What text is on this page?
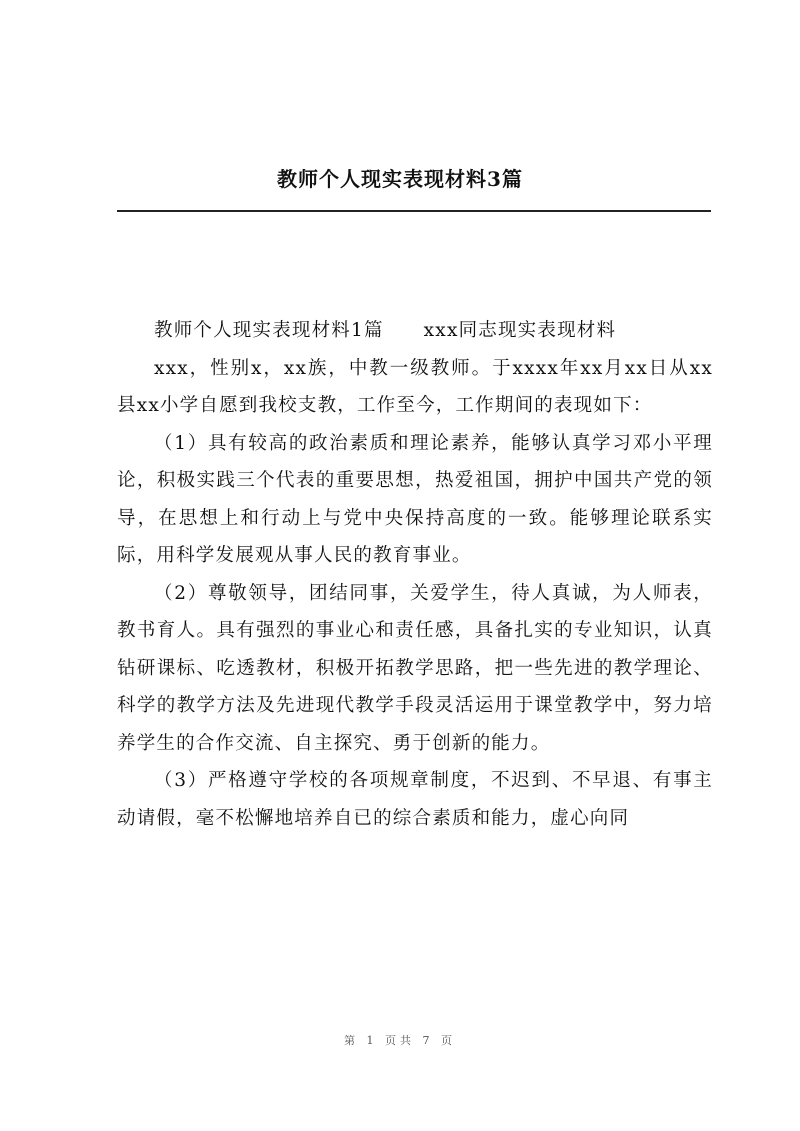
教师个人现实表现材料3篇

教师个人现实表现材料1篇 xxx同志现实表现材料

xxx，性别x，xx族，中教一级教师。于xxxx年xx月xx日从xx县xx小学自愿到我校支教，工作至今，工作期间的表现如下：

（1）具有较高的政治素质和理论素养，能够认真学习邓小平理论，积极实践三个代表的重要思想，热爱祖国，拥护中国共产党的领导，在思想上和行动上与党中央保持高度的一致。能够理论联系实际，用科学发展观从事人民的教育事业。

（2）尊敬领导，团结同事，关爱学生，待人真诚，为人师表，教书育人。具有强烈的事业心和责任感，具备扎实的专业知识，认真钻研课标、吃透教材，积极开拓教学思路，把一些先进的教学理论、科学的教学方法及先进现代教学手段灵活运用于课堂教学中，努力培养学生的合作交流、自主探究、勇于创新的能力。

（3）严格遵守学校的各项规章制度，不迟到、不早退、有事主动请假，毫不松懈地培养自已的综合素质和能力，虚心向同

第 1 页共 7 页
